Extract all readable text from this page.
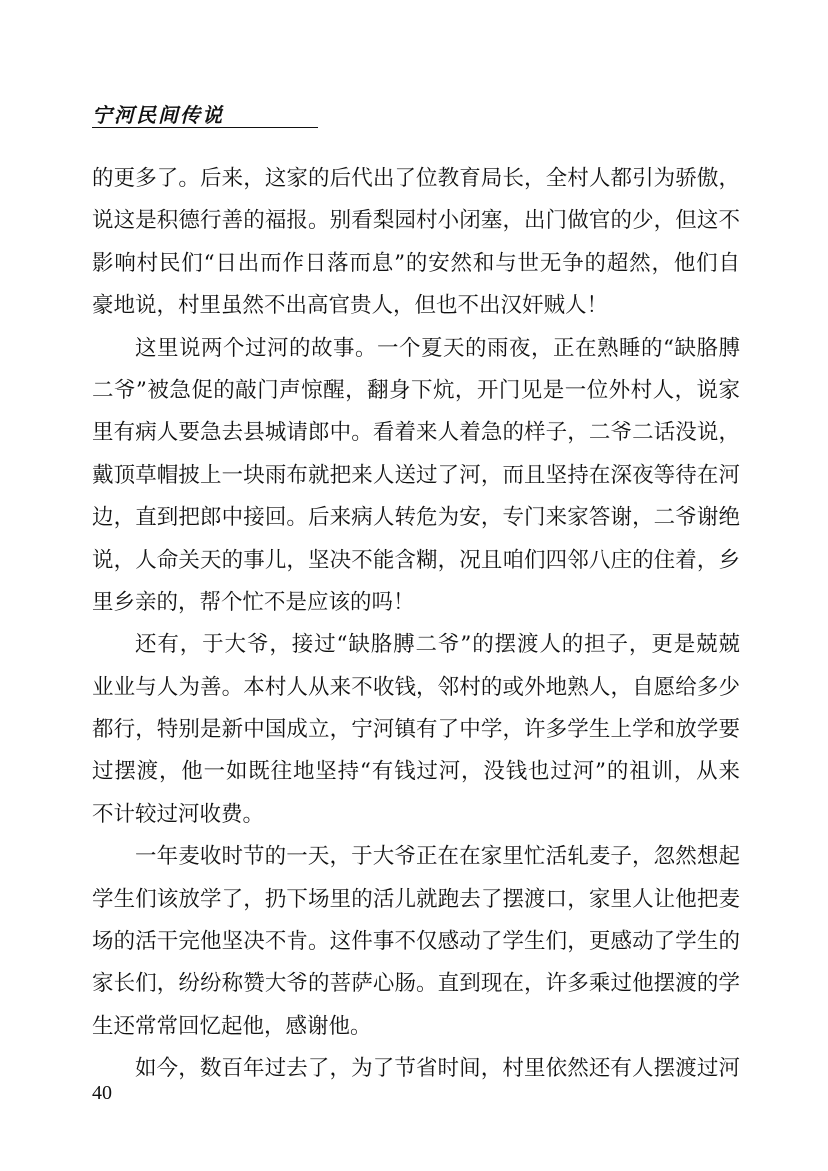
宁河民间传说
的更多了。后来，这家的后代出了位教育局长，全村人都引为骄傲，
说这是积德行善的福报。别看梨园村小闭塞，出门做官的少，但这不
影响村民们“日出而作日落而息”的安然和与世无争的超然，他们自
豪地说，村里虽然不出高官贵人，但也不出汉奸贼人！
这里说两个过河的故事。一个夏天的雨夜，正在熟睡的“缺胳膊
二爷”被急促的敲门声惊醒，翻身下炕，开门见是一位外村人，说家
里有病人要急去县城请郎中。看着来人着急的样子，二爷二话没说，
戴顶草帽披上一块雨布就把来人送过了河，而且坚持在深夜等待在河
边，直到把郎中接回。后来病人转危为安，专门来家答谢，二爷谢绝
说，人命关天的事儿，坚决不能含糊，况且咱们四邻八庄的住着，乡
里乡亲的，帮个忙不是应该的吗！
还有，于大爷，接过“缺胳膊二爷”的摆渡人的担子，更是兢兢
业业与人为善。本村人从来不收钱，邻村的或外地熟人，自愿给多少
都行，特别是新中国成立，宁河镇有了中学，许多学生上学和放学要
过摆渡，他一如既往地坚持“有钱过河，没钱也过河”的祖训，从来
不计较过河收费。
一年麦收时节的一天，于大爷正在在家里忙活轧麦子，忽然想起
学生们该放学了，扔下场里的活儿就跑去了摆渡口，家里人让他把麦
场的活干完他坚决不肯。这件事不仅感动了学生们，更感动了学生的
家长们，纷纷称赞大爷的菩萨心肠。直到现在，许多乘过他摆渡的学
生还常常回忆起他，感谢他。
如今，数百年过去了，为了节省时间，村里依然还有人摆渡过河
40
